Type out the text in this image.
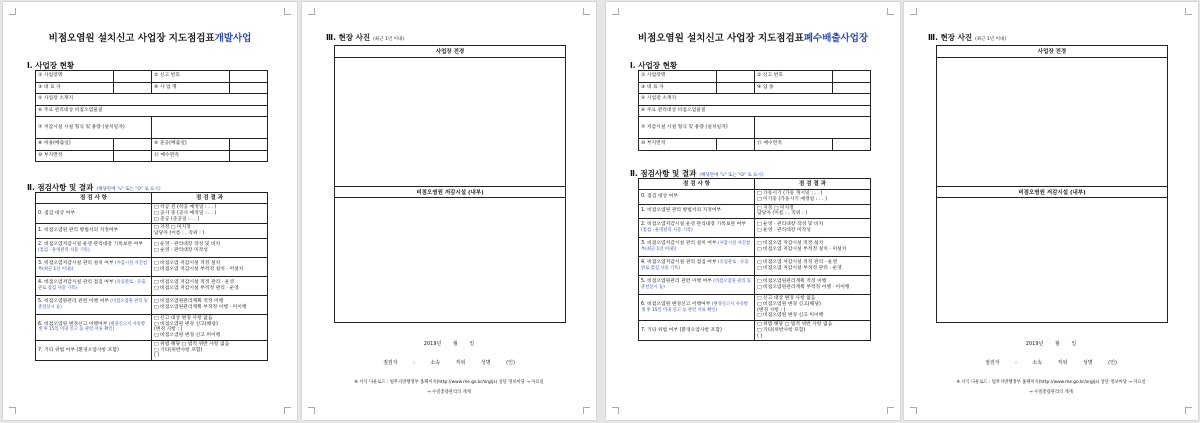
비점오염원 설치신고 사업장 지도점검표개발사업
Ⅰ. 사업장 현황
① 사업장명		② 신고 번호	
③ 대 표 자		④ 사 업 명	
⑤ 사업장 소재지			
⑥ 주요 관리대상 비점오염물질			
⑦ 저감시설 시설 형식 및 용량 (설치일자)			
⑧ 허용(배출일)		⑨ 준공(배출일)	
⑩ 부지면적		⑪ 배수면적	
Ⅱ. 점검사항 및 결과 (해당란에 "v" 또는 "O" 로 표시)
점 검 사 항	점 검 결 과
0. 점검 대상 여부	□ 착공 전 (착공 예정일 : . . )
□ 공사 중 (공사 예정일 : . . )
□ 준공 (준공일 : . . )

1. 비점오염원 관리 방법서의 지정여부	□ 지정 □ 미지정
담당자 (이름 : , 직위 : )

2. 비점오염저감시설 운영 관리대장 기록보관 여부 (점검 · 운영관리 사용 기록)	□ 운영 · 관리대장 작성 및 비치
□ 운영 · 관리대장 미작성

3. 비점오염저감시설 관리 설치 여부 (저감시설 사진첨부(최근 1년 이내))	□ 비점오염 저감시설 적정 설치
□ 비점오염 저감시설 부적정 설치 · 미설치

4. 비점오염저감시설 관리 점검 여부 (유입관로 · 유출관로 점검 사용 기록)	□ 비점오염 저감시설 적정 관리 · 운영
□ 비점오염 저감시설 부적정 관리 · 운영

5. 비점오염원관리 관련 이행 여부 (비점오염원 관리 및 준설실시 등)	□ 비점오염원관리계획 적정 이행
□ 비점오염원관리계획 부적정 이행 · 미이행

6. 비점오염원 변경신고 이행여부 (변경신고서 사유발생 후 15일 이내 신고 등 관련 서류 확인)	□ 신고 대상 변경 사항 없음
□ 비점오염원 변경 신고(해당)
(변경 사항 : )
□ 비점오염원 변경 신고 미이행

7. 기타 위법 여부 (환경오염사항 포함)	□ 위법 해당 □ 법적 위반 사항 없음
□ 기타(위반사항 포함)
( )
Ⅲ. 현장 사진 (최근 1년 이내)
사업장 전경
비점오염원 저감시설 (내부)
2019년 월 일
점검자 : 소속 직위 성명 (인)
※ 서식 다운로드 : 법무지방행정부 홈페이지(http://www.me.go.kr/org/js) 상단 정보마당 → 자료실
→ 수질총량관리의 게재
비점오염원 설치신고 사업장 지도점검표폐수배출사업장
Ⅰ. 사업장 현황
① 사업장명		② 신고 번호	
③ 대 표 자		④ 업 종	
⑤ 사업장 소재지			
⑥ 주요 관리대상 비점오염물질			
⑦ 저감시설 시설 형식 및 용량 (설치일자)			
⑩ 부지면적		⑪ 배수면적	
Ⅱ. 점검사항 및 결과 (해당란에 "v" 또는 "O" 로 표시)
점 검 사 항	점 검 결 과
0. 점검 대상 여부	□ 가동시기 (가동 개시일 : . . )
□ 미가동 (가동시기 예정일 : . . )

1. 비점오염원 관리 방법서의 지정여부	□ 지정 □ 미지정
담당자 (이름 : , 직위 : )

2. 비점오염저감시설 운영 관리대장 기록보관 여부 (점검 · 운영관리 사용 기록)	□ 운영 · 관리대장 작성 및 비치
□ 운영 · 관리대장 미작성

3. 비점오염저감시설 관리 설치 여부 (저감시설 사진첨부(최근 1년 이내))	□ 비점오염 저감시설 적정 설치
□ 비점오염 저감시설 부적정 설치 · 미설치

4. 비점오염저감시설 관리 점검 여부 (유입관로 · 유출관로 점검 사용 기록)	□ 비점오염 저감시설 적정 관리 · 운영
□ 비점오염 저감시설 부적정 관리 · 운영

5. 비점오염원관리 관련 이행 여부 (비점오염원 관리 및 준설실시 등)	□ 비점오염원관리계획 적정 이행
□ 비점오염원관리계획 부적정 이행 · 미이행

6. 비점오염원 변경신고 이행여부 (변경신고서 사유발생 후 15일 이내 신고 등 관련 서류 확인)	□ 신고 대상 변경 사항 없음
□ 비점오염원 변경 신고(해당)
(변경 사항 : )
□ 비점오염원 변경 신고 미이행

7. 기타 위법 여부 (환경오염사항 포함)	□ 위법 해당 □ 법적 위반 사항 없음
□ 기타(위반사항 포함)
( )
Ⅲ. 현장 사진 (최근 1년 이내)
사업장 전경
비점오염원 저감시설 (내부)
2019년 월 일
점검자 : 소속 직위 성명 (인)
※ 서식 다운로드 : 법무지방행정부 홈페이지(http://www.me.go.kr/org/js) 상단 정보마당 → 자료실
→ 수질총량관리의 게재
